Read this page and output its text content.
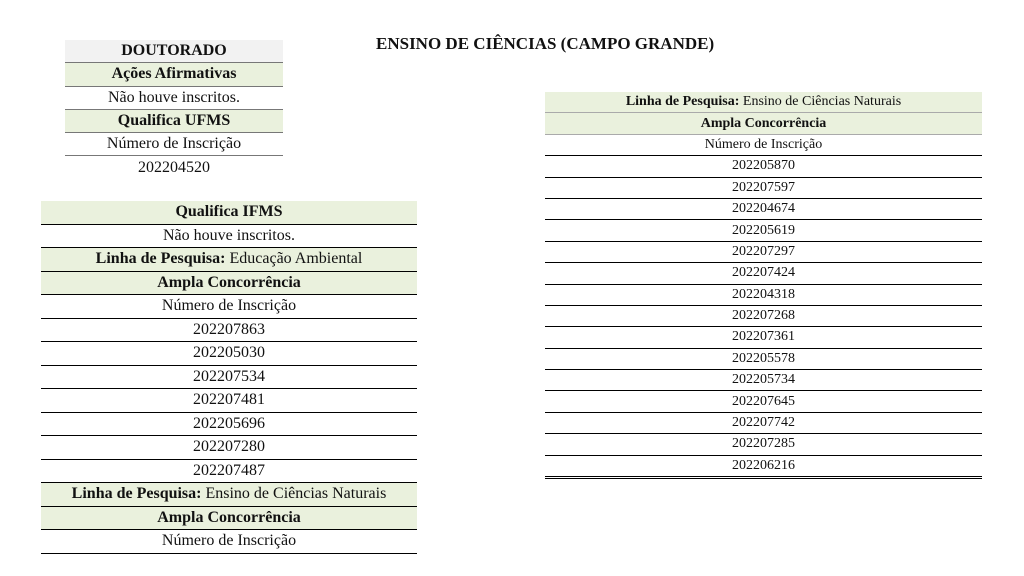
ENSINO DE CIÊNCIAS (CAMPO GRANDE)
DOUTORADO
Ações Afirmativas
Não houve inscritos.
Qualifica UFMS
Número de Inscrição
202204520
Qualifica IFMS
Não houve inscritos.
Linha de Pesquisa: Educação Ambiental
Ampla Concorrência
Número de Inscrição
202207863
202205030
202207534
202207481
202205696
202207280
202207487
Linha de Pesquisa: Ensino de Ciências Naturais
Ampla Concorrência
Número de Inscrição
Linha de Pesquisa: Ensino de Ciências Naturais
Ampla Concorrência
Número de Inscrição
202205870
202207597
202204674
202205619
202207297
202207424
202204318
202207268
202207361
202205578
202205734
202207645
202207742
202207285
202206216
